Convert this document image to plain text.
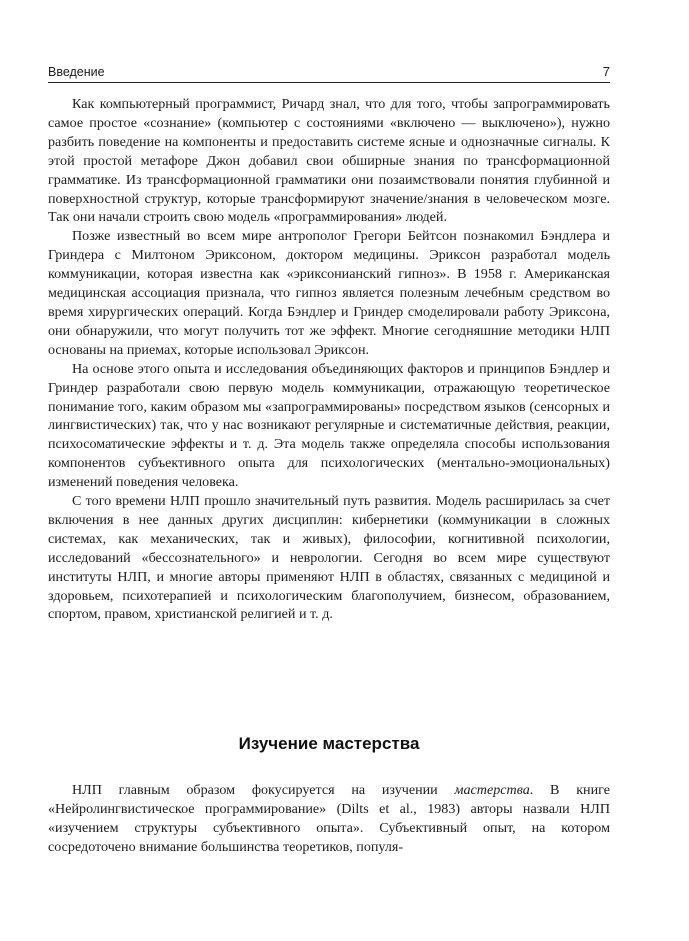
Введение	7

Как компьютерный программист, Ричард знал, что для того, чтобы запрограммировать самое простое «сознание» (компьютер с состояниями «включено — выключено»), нужно разбить поведение на компоненты и предоставить системе ясные и однозначные сигналы. К этой простой метафоре Джон добавил свои обширные знания по трансформационной грамматике. Из трансформационной грамматики они позаимствовали понятия глубинной и поверхностной структур, которые трансформируют значение/знания в человеческом мозге. Так они начали строить свою модель «программирования» людей.

Позже известный во всем мире антрополог Грегори Бейтсон познакомил Бэндлера и Гриндера с Милтоном Эриксоном, доктором медицины. Эриксон разработал модель коммуникации, которая известна как «эриксонианский гипноз». В 1958 г. Американская медицинская ассоциация признала, что гипноз является полезным лечебным средством во время хирургических операций. Когда Бэндлер и Гриндер смоделировали работу Эриксона, они обнаружили, что могут получить тот же эффект. Многие сегодняшние методики НЛП основаны на приемах, которые использовал Эриксон.

На основе этого опыта и исследования объединяющих факторов и принципов Бэндлер и Гриндер разработали свою первую модель коммуникации, отражающую теоретическое понимание того, каким образом мы «запрограммированы» посредством языков (сенсорных и лингвистических) так, что у нас возникают регулярные и систематичные действия, реакции, психосоматические эффекты и т. д. Эта модель также определяла способы использования компонентов субъективного опыта для психологических (ментально-эмоциональных) изменений поведения человека.

С того времени НЛП прошло значительный путь развития. Модель расширилась за счет включения в нее данных других дисциплин: кибернетики (коммуникации в сложных системах, как механических, так и живых), философии, когнитивной психологии, исследований «бессознательного» и неврологии. Сегодня во всем мире существуют институты НЛП, и многие авторы применяют НЛП в областях, связанных с медициной и здоровьем, психотерапией и психологическим благополучием, бизнесом, образованием, спортом, правом, христианской религией и т. д.

Изучение мастерства

НЛП главным образом фокусируется на изучении мастерства. В книге «Нейролингвистическое программирование» (Dilts et al., 1983) авторы назвали НЛП «изучением структуры субъективного опыта». Субъективный опыт, на котором сосредоточено внимание большинства теоретиков, популя-
